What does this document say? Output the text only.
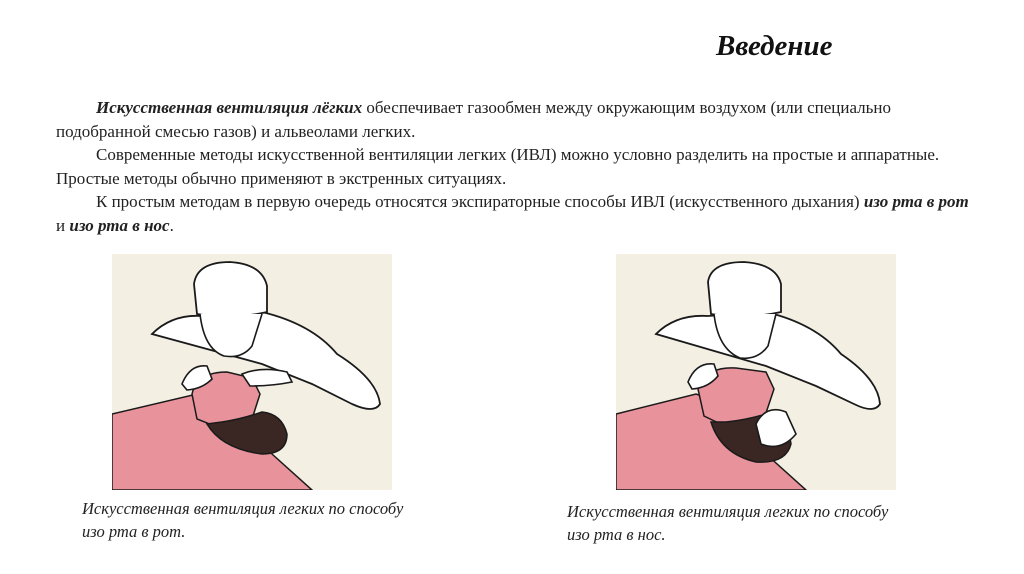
Введение

Искусственная вентиляция лёгких обеспечивает газообмен между окружающим воздухом (или специально подобранной смесью газов) и альвеолами легких.

Современные методы искусственной вентиляции легких (ИВЛ) можно условно разделить на простые и аппаратные. Простые методы обычно применяют в экстренных ситуациях.

К простым методам в первую очередь относятся экспираторные способы ИВЛ (искусственного дыхания) изо рта в рот и изо рта в нос.

Искусственная вентиляция легких по способу
изо рта в рот.
Искусственная вентиляция легких по способу
изо рта в нос.
